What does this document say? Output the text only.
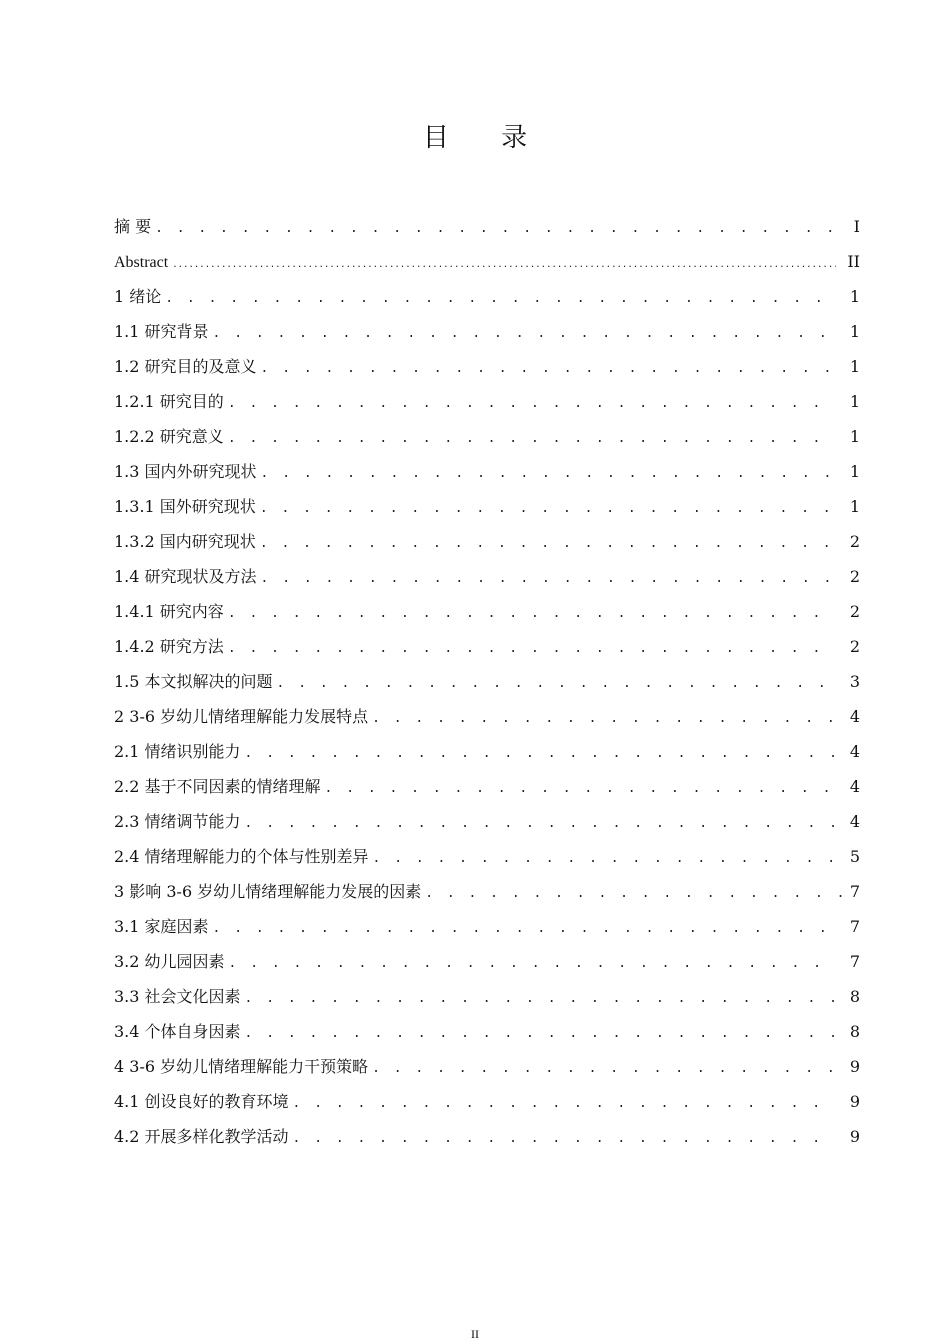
目 录
摘 要 . . .	I
Abstract .....	II
1 绪论 . . .	1
1.1 研究背景 . . .	1
1.2 研究目的及意义 . . .	1
1.2.1 研究目的 . . .	1
1.2.2 研究意义 . . .	1
1.3 国内外研究现状 . . .	1
1.3.1 国外研究现状 . . .	1
1.3.2 国内研究现状 . . .	2
1.4 研究现状及方法 . . .	2
1.4.1 研究内容 . . .	2
1.4.2 研究方法 . . .	2
1.5 本文拟解决的问题 . . .	3
2 3-6 岁幼儿情绪理解能力发展特点 . . .	4
2.1 情绪识别能力 . . .	4
2.2 基于不同因素的情绪理解 . . .	4
2.3 情绪调节能力 . . .	4
2.4 情绪理解能力的个体与性别差异 . . .	5
3 影响 3-6 岁幼儿情绪理解能力发展的因素 . . .	7
3.1 家庭因素 . . .	7
3.2 幼儿园因素 . . .	7
3.3 社会文化因素 . . .	8
3.4 个体自身因素 . . .	8
4 3-6 岁幼儿情绪理解能力干预策略 . . .	9
4.1 创设良好的教育环境 . . .	9
4.2 开展多样化教学活动 . . .	9
II
